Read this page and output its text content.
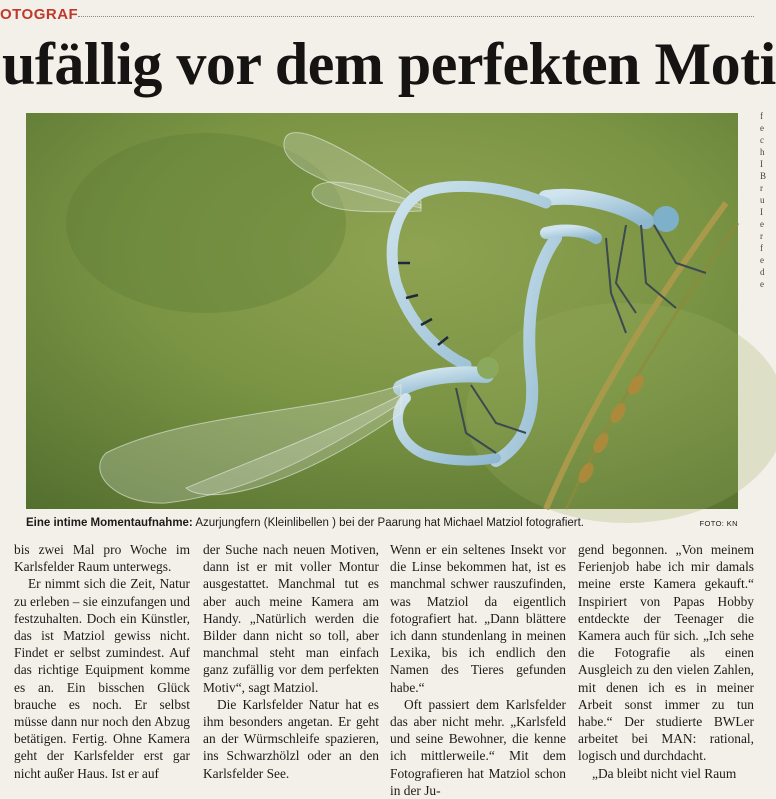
OTOGRAF
ufällig vor dem perfekten Moti
Eine intime Momentaufnahme: Azurjungfern (Kleinlibellen ) bei der Paarung hat Michael Matziol fotografiert.	FOTO: KN

bis zwei Mal pro Woche im Karlsfelder Raum unterwegs.

Er nimmt sich die Zeit, Natur zu erleben – sie einzufangen und festzuhalten. Doch ein Künstler, das ist Matziol gewiss nicht. Findet er selbst zumindest. Auf das richtige Equipment komme es an. Ein bisschen Glück brauche es noch. Er selbst müsse dann nur noch den Abzug betätigen. Fertig. Ohne Kamera geht der Karlsfelder erst gar nicht außer Haus. Ist er auf

der Suche nach neuen Motiven, dann ist er mit voller Montur ausgestattet. Manchmal tut es aber auch meine Kamera am Handy. „Natürlich werden die Bilder dann nicht so toll, aber manchmal steht man einfach ganz zufällig vor dem perfekten Motiv“, sagt Matziol.

Die Karlsfelder Natur hat es ihm besonders angetan. Er geht an der Würmschleife spazieren, ins Schwarzhölzl oder an den Karlsfelder See.

Wenn er ein seltenes Insekt vor die Linse bekommen hat, ist es manchmal schwer rauszufinden, was Matziol da eigentlich fotografiert hat. „Dann blättere ich dann stundenlang in meinen Lexika, bis ich endlich den Namen des Tieres gefunden habe.“

Oft passiert dem Karlsfelder das aber nicht mehr. „Karlsfeld und seine Bewohner, die kenne ich mittlerweile.“ Mit dem Fotografieren hat Matziol schon in der Ju-

gend begonnen. „Von meinem Ferienjob habe ich mir damals meine erste Kamera gekauft.“ Inspiriert von Papas Hobby entdeckte der Teenager die Kamera auch für sich. „Ich sehe die Fotografie als einen Ausgleich zu den vielen Zahlen, mit denen ich es in meiner Arbeit sonst immer zu tun habe.“ Der studierte BWLer arbeitet bei MAN: rational, logisch und durchdacht.

„Da bleibt nicht viel Raum

f e c h I B r u I e r f e d e
